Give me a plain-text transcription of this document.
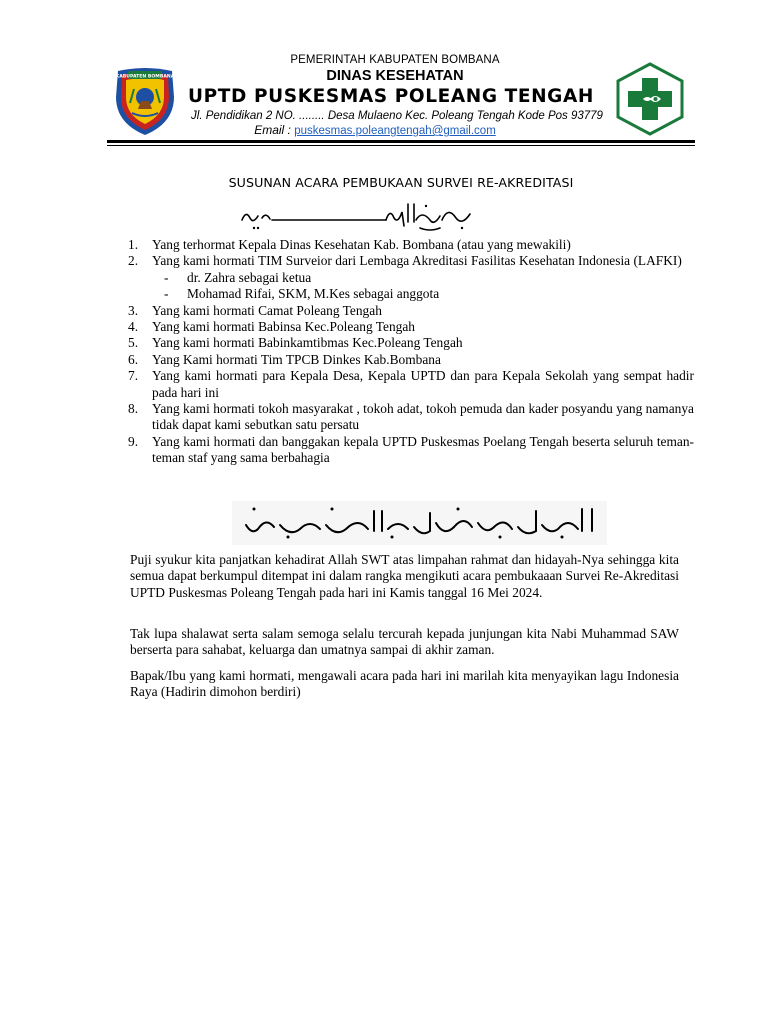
KABUPATEN BOMBANA
PEMERINTAH KABUPATEN BOMBANA
DINAS KESEHATAN
UPTD PUSKESMAS POLEANG TENGAH
Jl. Pendidikan 2 NO. ........ Desa Mulaeno Kec. Poleang Tengah Kode Pos 93779
Email : puskesmas.poleangtengah@gmail.com
SUSUNAN ACARA PEMBUKAAN SURVEI RE-AKREDITASI
1. Yang terhormat Kepala Dinas Kesehatan Kab. Bombana (atau yang mewakili)
2. Yang kami hormati TIM Surveior dari Lembaga Akreditasi Fasilitas Kesehatan Indonesia (LAFKI)
- dr. Zahra sebagai ketua
- Mohamad Rifai, SKM, M.Kes sebagai anggota
3. Yang kami hormati Camat Poleang Tengah
4. Yang kami hormati Babinsa Kec.Poleang Tengah
5. Yang kami hormati Babinkamtibmas Kec.Poleang Tengah
6. Yang Kami hormati Tim TPCB Dinkes Kab.Bombana
7. Yang kami hormati para Kepala Desa, Kepala UPTD dan para Kepala Sekolah yang sempat hadir pada hari ini
8. Yang kami hormati tokoh masyarakat , tokoh adat, tokoh pemuda dan kader posyandu yang namanya tidak dapat kami sebutkan satu persatu
9. Yang kami hormati dan banggakan kepala UPTD Puskesmas Poelang Tengah beserta seluruh teman-teman staf yang sama berbahagia

Puji syukur kita panjatkan kehadirat Allah SWT atas limpahan rahmat dan hidayah-Nya sehingga kita semua dapat berkumpul ditempat ini dalam rangka mengikuti acara pembukaaan Survei Re-Akreditasi UPTD Puskesmas Poleang Tengah pada hari ini Kamis tanggal 16 Mei 2024.

Tak lupa shalawat serta salam semoga selalu tercurah kepada junjungan kita Nabi Muhammad SAW berserta para sahabat, keluarga dan umatnya sampai di akhir zaman.

Bapak/Ibu yang kami hormati, mengawali acara pada hari ini marilah kita menyayikan lagu Indonesia Raya (Hadirin dimohon berdiri)
